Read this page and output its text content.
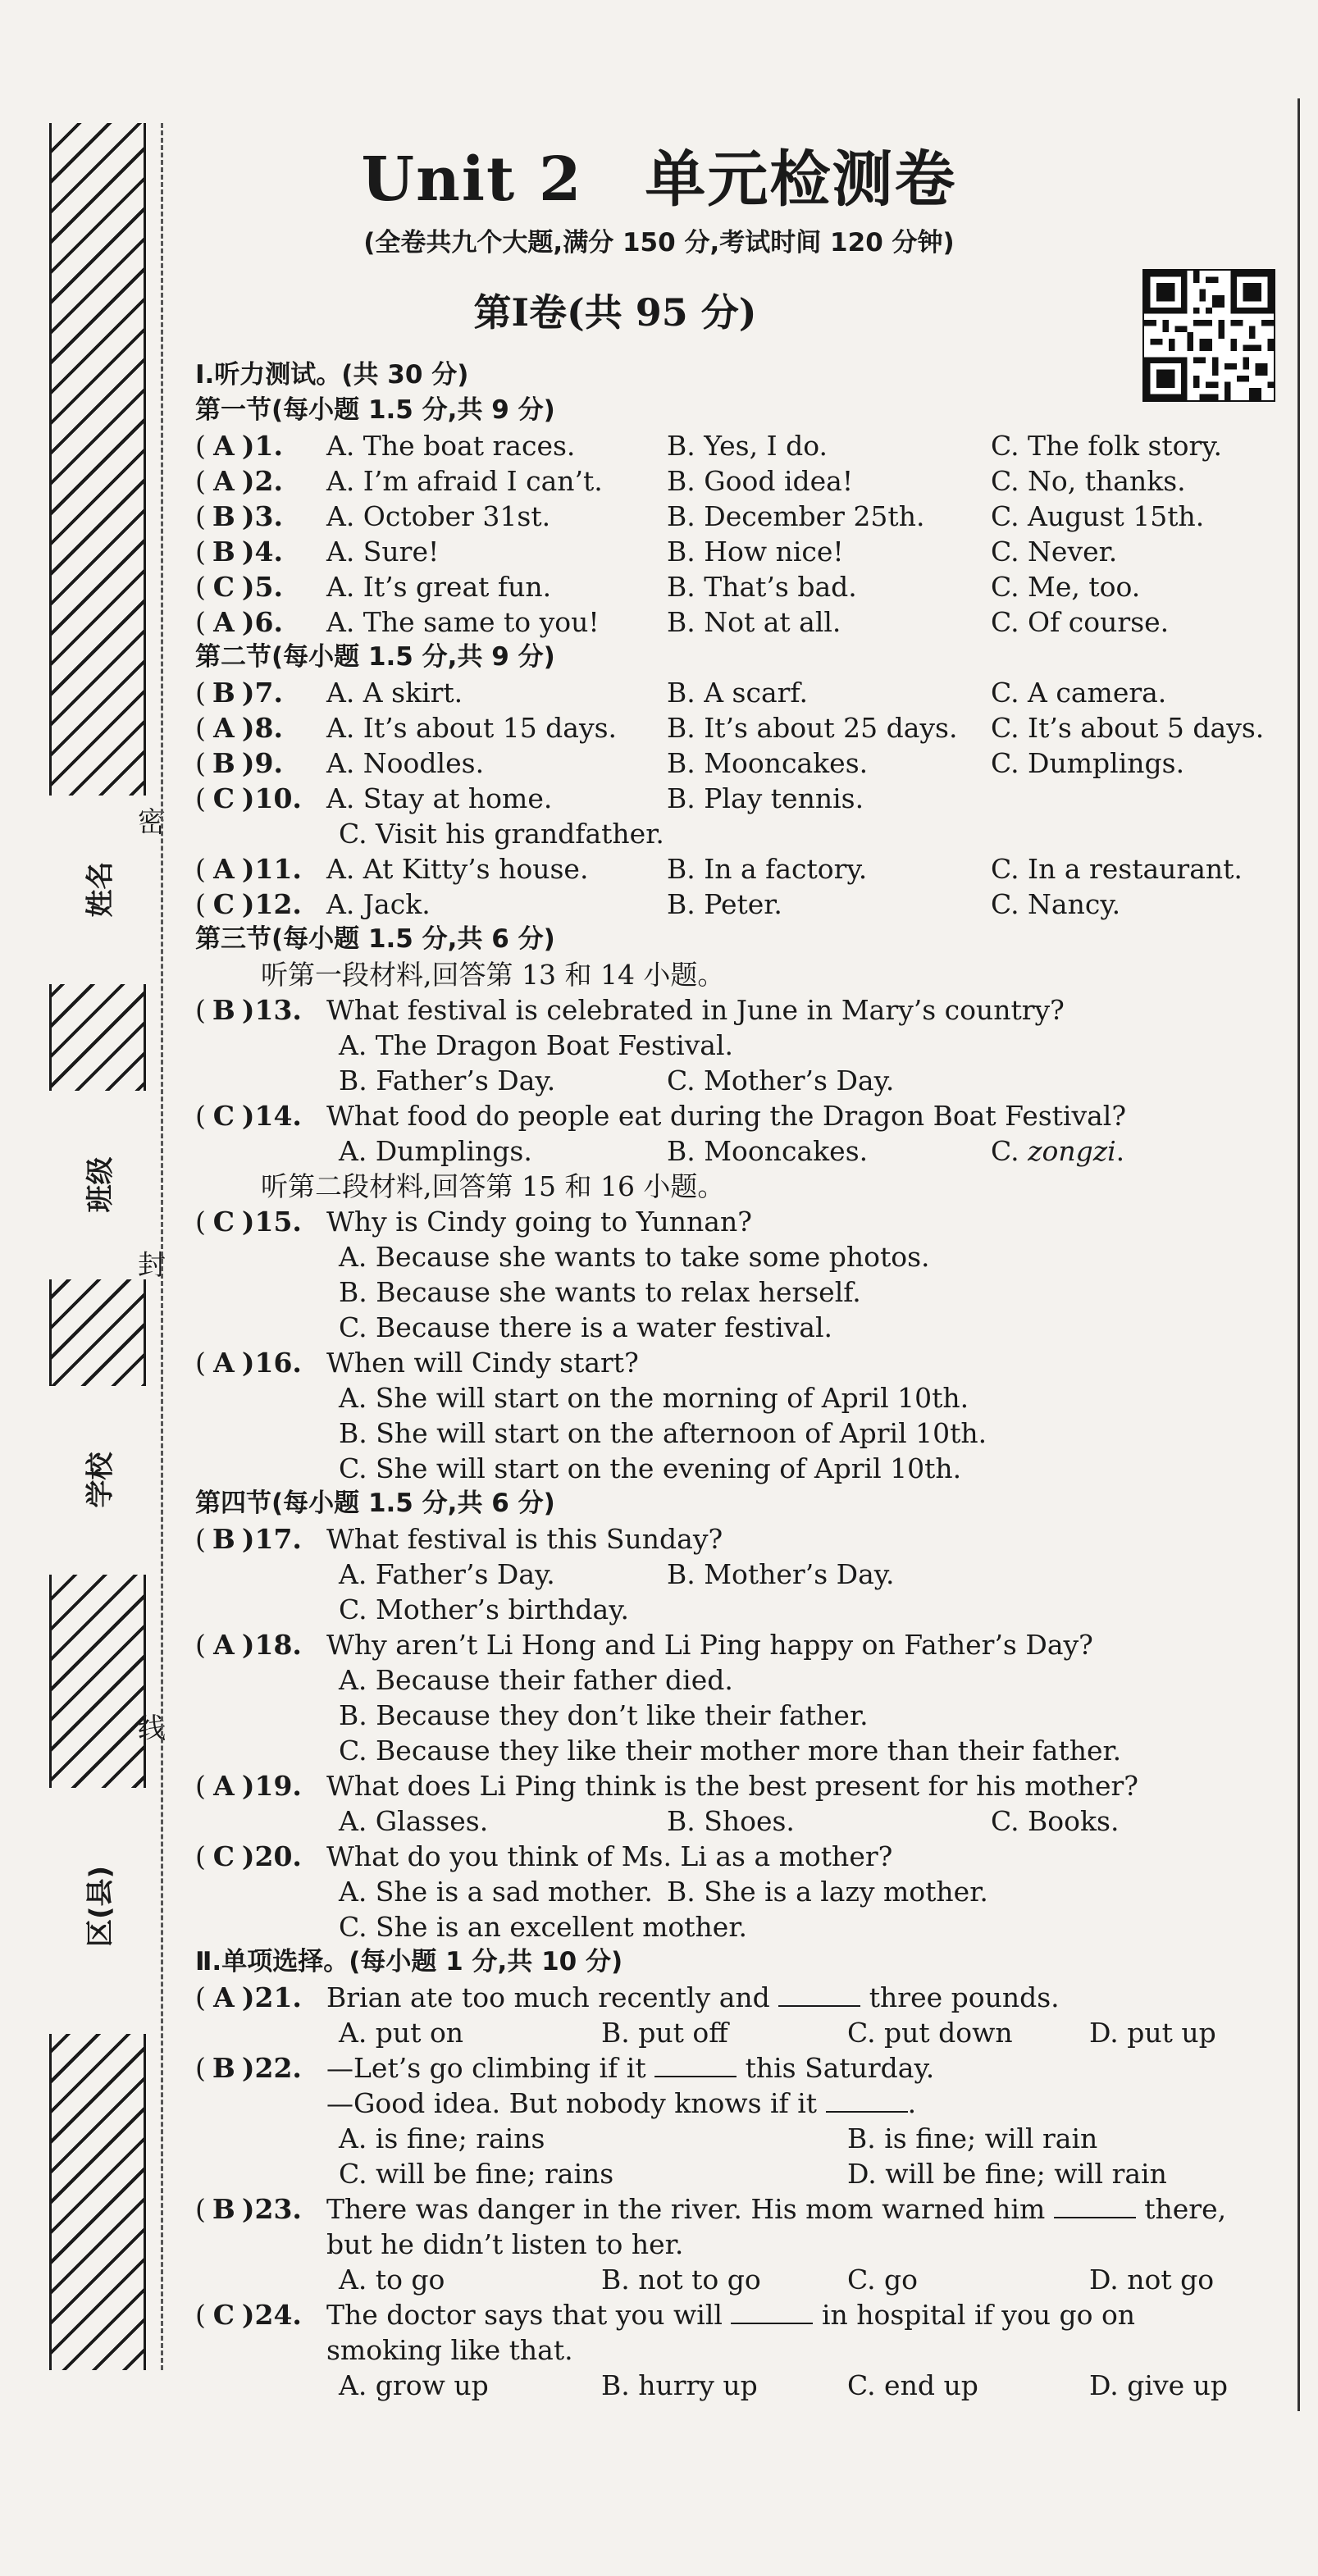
姓名
班级
学校
区(县)
密
封
线
Unit 2　单元检测卷
(全卷共九个大题,满分 150 分,考试时间 120 分钟)
第Ⅰ卷(共 95 分)
Ⅰ.听力测试。(共 30 分)
第一节(每小题 1.5 分,共 9 分)
( A )1. A. The boat races.	B. Yes, I do.	C. The folk story.
( A )2. A. I’m afraid I can’t. B. Good idea!	C. No, thanks.
( B )3. A. October 31st.	B. December 25th. C. August 15th.
( B )4. A. Sure!	B. How nice!	C. Never.
( C )5. A. It’s great fun.	B. That’s bad.	C. Me, too.
( A )6. A. The same to you! B. Not at all.	C. Of course.
第二节(每小题 1.5 分,共 9 分)
( B )7. A. A skirt.	B. A scarf.	C. A camera.
( A )8. A. It’s about 15 days. B. It’s about 25 days. C. It’s about 5 days.
( B )9. A. Noodles.	B. Mooncakes.	C. Dumplings.
( C )10. A. Stay at home.	B. Play tennis.
C. Visit his grandfather.
( A )11. A. At Kitty’s house.	B. In a factory.	C. In a restaurant.
( C )12. A. Jack.	B. Peter.	C. Nancy.
第三节(每小题 1.5 分,共 6 分)
听第一段材料,回答第 13 和 14 小题。
( B )13. What festival is celebrated in June in Mary’s country?
A. The Dragon Boat Festival.
B. Father’s Day.	C. Mother’s Day.
( C )14. What food do people eat during the Dragon Boat Festival?
A. Dumplings.	B. Mooncakes.	C. zongzi.
听第二段材料,回答第 15 和 16 小题。
( C )15. Why is Cindy going to Yunnan?
A. Because she wants to take some photos.
B. Because she wants to relax herself.
C. Because there is a water festival.
( A )16. When will Cindy start?
A. She will start on the morning of April 10th.
B. She will start on the afternoon of April 10th.
C. She will start on the evening of April 10th.
第四节(每小题 1.5 分,共 6 分)
( B )17. What festival is this Sunday?
A. Father’s Day.	B. Mother’s Day.
C. Mother’s birthday.
( A )18. Why aren’t Li Hong and Li Ping happy on Father’s Day?
A. Because their father died.
B. Because they don’t like their father.
C. Because they like their mother more than their father.
( A )19. What does Li Ping think is the best present for his mother?
A. Glasses.	B. Shoes.	C. Books.
( C )20. What do you think of Ms. Li as a mother?
A. She is a sad mother. B. She is a lazy mother.
C. She is an excellent mother.
Ⅱ.单项选择。(每小题 1 分,共 10 分)
( A )21. Brian ate too much recently and	three pounds.
A. put on	B. put off	C. put down	D. put up
( B )22. —Let’s go climbing if it	this Saturday.
—Good idea. But nobody knows if it	.
A. is fine; rains	B. is fine; will rain
C. will be fine; rains	D. will be fine; will rain
( B )23. There was danger in the river. His mom warned him	there,
but he didn’t listen to her.
A. to go	B. not to go	C. go	D. not go
( C )24. The doctor says that you will	in hospital if you go on
smoking like that.
A. grow up	B. hurry up	C. end up	D. give up
